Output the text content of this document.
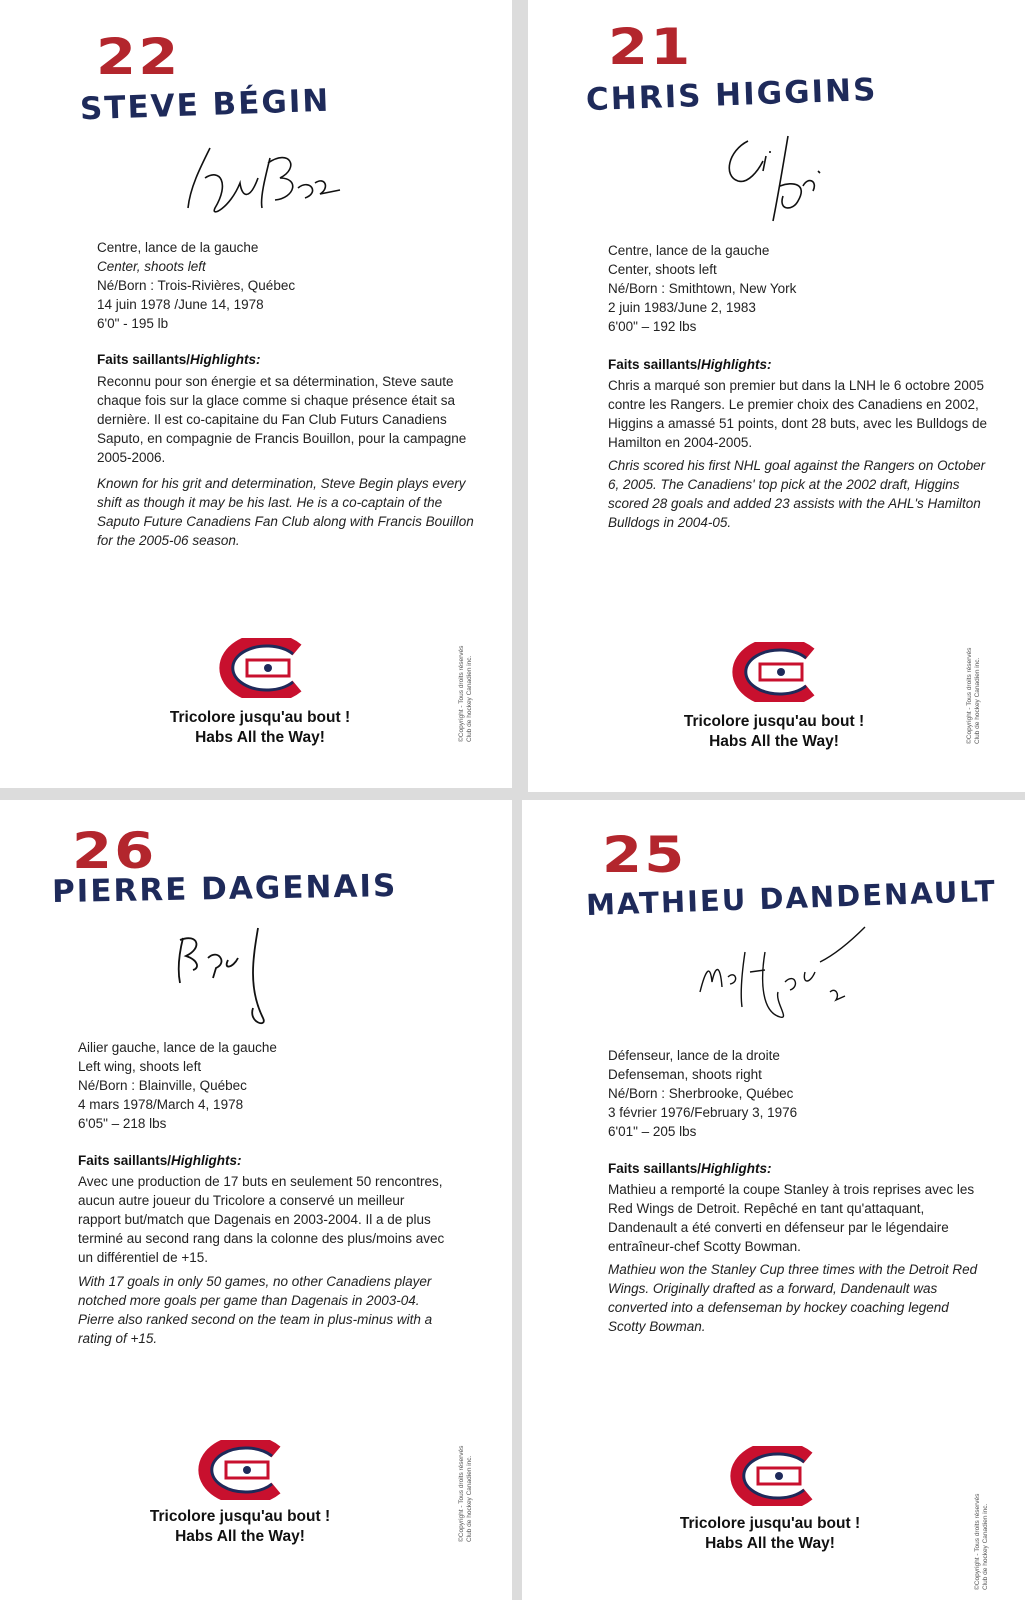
22
STEVE BÉGIN
Centre, lance de la gauche
Center, shoots left
Né/Born : Trois-Rivières, Québec
14 juin 1978 /June 14, 1978
6'0" - 195 lb
Faits saillants/Highlights:
Reconnu pour son énergie et sa détermination, Steve saute chaque fois sur la glace comme si chaque présence était sa dernière. Il est co-capitaine du Fan Club Futurs Canadiens Saputo, en compagnie de Francis Bouillon, pour la campagne 2005-2006.
Known for his grit and determination, Steve Begin plays every shift as though it may be his last. He is a co-captain of the Saputo Future Canadiens Fan Club along with Francis Bouillon for the 2005-06 season.
Tricolore jusqu'au bout !
Habs All the Way!	©Copyright - Tous droits réservés Club de hockey Canadien inc.
21
CHRIS HIGGINS
Centre, lance de la gauche
Center, shoots left
Né/Born : Smithtown, New York
2 juin 1983/June 2, 1983
6'00" – 192 lbs
Faits saillants/Highlights:
Chris a marqué son premier but dans la LNH le 6 octobre 2005 contre les Rangers. Le premier choix des Canadiens en 2002, Higgins a amassé 51 points, dont 28 buts, avec les Bulldogs de Hamilton en 2004-2005.
Chris scored his first NHL goal against the Rangers on October 6, 2005. The Canadiens' top pick at the 2002 draft, Higgins scored 28 goals and added 23 assists with the AHL's Hamilton Bulldogs in 2004-05.
Tricolore jusqu'au bout !
Habs All the Way!	©Copyright - Tous droits réservés Club de hockey Canadien inc.
26
PIERRE DAGENAIS
Ailier gauche, lance de la gauche
Left wing, shoots left
Né/Born : Blainville, Québec
4 mars 1978/March 4, 1978
6'05" – 218 lbs
Faits saillants/Highlights:
Avec une production de 17 buts en seulement 50 rencontres, aucun autre joueur du Tricolore a conservé un meilleur rapport but/match que Dagenais en 2003-2004. Il a de plus terminé au second rang dans la colonne des plus/moins avec un différentiel de +15.
With 17 goals in only 50 games, no other Canadiens player notched more goals per game than Dagenais in 2003-04. Pierre also ranked second on the team in plus-minus with a rating of +15.
Tricolore jusqu'au bout !
Habs All the Way!	©Copyright - Tous droits réservés Club de hockey Canadien inc.
25
MATHIEU DANDENAULT
Défenseur, lance de la droite
Defenseman, shoots right
Né/Born : Sherbrooke, Québec
3 février 1976/February 3, 1976
6'01" – 205 lbs
Faits saillants/Highlights:
Mathieu a remporté la coupe Stanley à trois reprises avec les Red Wings de Detroit. Repêché en tant qu'attaquant, Dandenault a été converti en défenseur par le légendaire entraîneur-chef Scotty Bowman.
Mathieu won the Stanley Cup three times with the Detroit Red Wings. Originally drafted as a forward, Dandenault was converted into a defenseman by hockey coaching legend Scotty Bowman.
Tricolore jusqu'au bout !
Habs All the Way!	©Copyright - Tous droits réservés Club de hockey Canadien inc.
